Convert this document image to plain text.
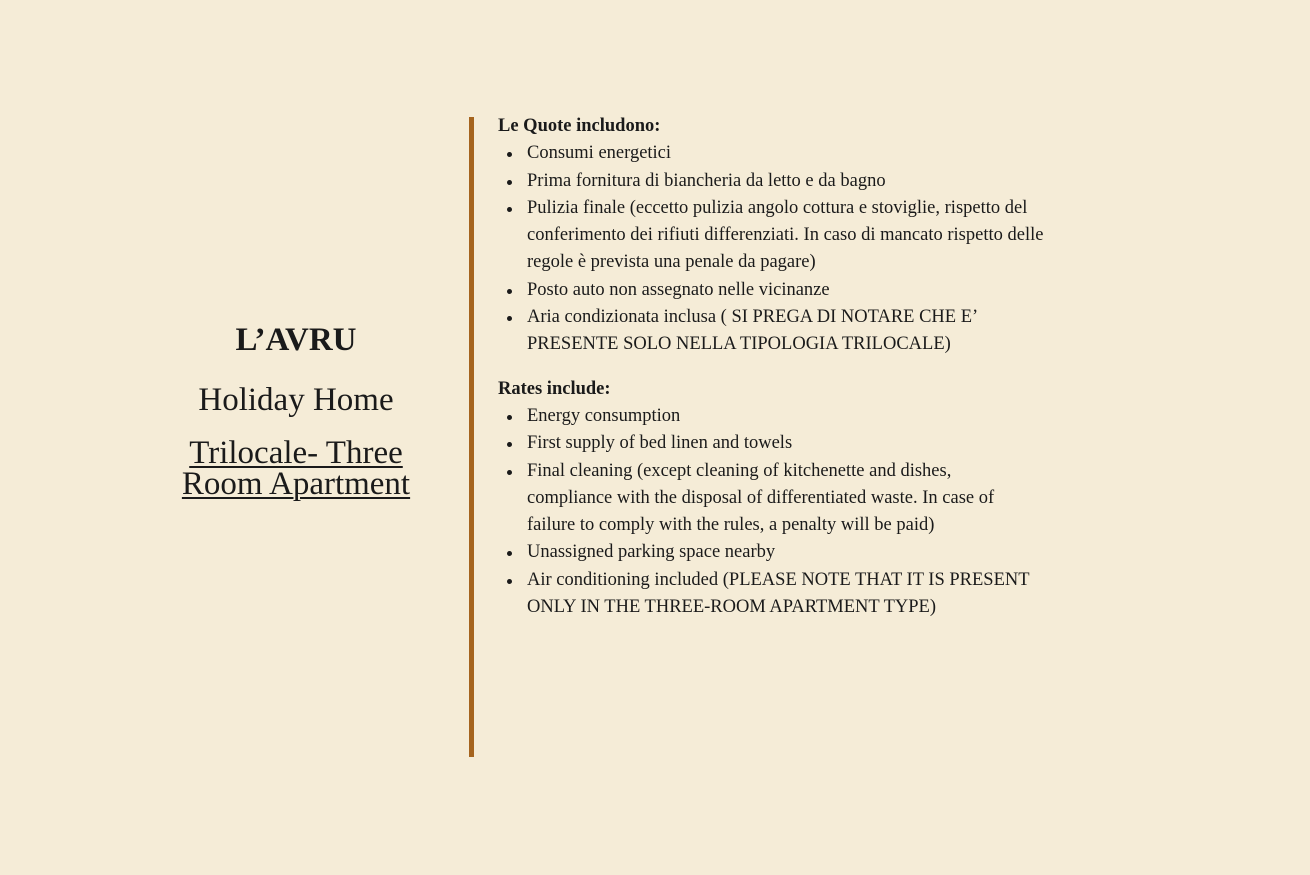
L’AVRU
Holiday Home
Trilocale- Three
Room Apartment
Le Quote includono:
Consumi energetici
Prima fornitura di biancheria da letto e da bagno
Pulizia finale (eccetto pulizia angolo cottura e stoviglie, rispetto del conferimento dei rifiuti differenziati. In caso di mancato rispetto delle regole è prevista una penale da pagare)
Posto auto non assegnato nelle vicinanze
Aria condizionata inclusa ( SI PREGA DI NOTARE CHE E’ PRESENTE SOLO NELLA TIPOLOGIA TRILOCALE)
Rates include:
Energy consumption
First supply of bed linen and towels
Final cleaning (except cleaning of kitchenette and dishes, compliance with the disposal of differentiated waste. In case of failure to comply with the rules, a penalty will be paid)
Unassigned parking space nearby
Air conditioning included (PLEASE NOTE THAT IT IS PRESENT ONLY IN THE THREE-ROOM APARTMENT TYPE)
